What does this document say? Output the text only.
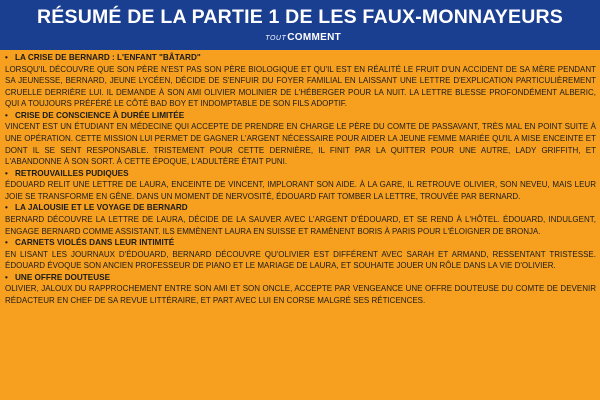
RÉSUMÉ DE LA PARTIE 1 DE LES FAUX-MONNAYEURS
TOUTCOMMENT
• LA CRISE DE BERNARD : L'ENFANT "BÂTARD"

LORSQU'IL DÉCOUVRE QUE SON PÈRE N'EST PAS SON PÈRE BIOLOGIQUE ET QU'IL EST EN RÉALITÉ LE FRUIT D'UN ACCIDENT DE SA MÈRE PENDANT SA JEUNESSE, BERNARD, JEUNE LYCÉEN, DÉCIDE DE S'ENFUIR DU FOYER FAMILIAL EN LAISSANT UNE LETTRE D'EXPLICATION PARTICULIÈREMENT CRUELLE DERRIÈRE LUI. IL DEMANDE À SON AMI OLIVIER MOLINIER DE L'HÉBERGER POUR LA NUIT. LA LETTRE BLESSE PROFONDÉMENT ALBERIC, QUI A TOUJOURS PRÉFÉRÉ LE CÔTÉ BAD BOY ET INDOMPTABLE DE SON FILS ADOPTIF.

• CRISE DE CONSCIENCE À DURÉE LIMITÉE

VINCENT EST UN ÉTUDIANT EN MÉDECINE QUI ACCEPTE DE PRENDRE EN CHARGE LE PÈRE DU COMTE DE PASSAVANT, TRÈS MAL EN POINT SUITE À UNE OPÉRATION. CETTE MISSION LUI PERMET DE GAGNER L'ARGENT NÉCESSAIRE POUR AIDER LA JEUNE FEMME MARIÉE QU'IL A MISE ENCEINTE ET DONT IL SE SENT RESPONSABLE. TRISTEMENT POUR CETTE DERNIÈRE, IL FINIT PAR LA QUITTER POUR UNE AUTRE, LADY GRIFFITH, ET L'ABANDONNE À SON SORT. À CETTE ÉPOQUE, L'ADULTÈRE ÉTAIT PUNI.

• RETROUVAILLES PUDIQUES

ÉDOUARD RELIT UNE LETTRE DE LAURA, ENCEINTE DE VINCENT, IMPLORANT SON AIDE. À LA GARE, IL RETROUVE OLIVIER, SON NEVEU, MAIS LEUR JOIE SE TRANSFORME EN GÊNE. DANS UN MOMENT DE NERVOSITÉ, ÉDOUARD FAIT TOMBER LA LETTRE, TROUVÉE PAR BERNARD.

• LA JALOUSIE ET LE VOYAGE DE BERNARD

BERNARD DÉCOUVRE LA LETTRE DE LAURA, DÉCIDE DE LA SAUVER AVEC L'ARGENT D'ÉDOUARD, ET SE REND À L'HÔTEL. ÉDOUARD, INDULGENT, ENGAGE BERNARD COMME ASSISTANT. ILS EMMÈNENT LAURA EN SUISSE ET RAMÈNENT BORIS À PARIS POUR L'ÉLOIGNER DE BRONJA.

• CARNETS VIOLÉS DANS LEUR INTIMITÉ

EN LISANT LES JOURNAUX D'ÉDOUARD, BERNARD DÉCOUVRE QU'OLIVIER EST DIFFÉRENT AVEC SARAH ET ARMAND, RESSENTANT TRISTESSE. ÉDOUARD ÉVOQUE SON ANCIEN PROFESSEUR DE PIANO ET LE MARIAGE DE LAURA, ET SOUHAITE JOUER UN RÔLE DANS LA VIE D'OLIVIER.

• UNE OFFRE DOUTEUSE

OLIVIER, JALOUX DU RAPPROCHEMENT ENTRE SON AMI ET SON ONCLE, ACCEPTE PAR VENGEANCE UNE OFFRE DOUTEUSE DU COMTE DE DEVENIR RÉDACTEUR EN CHEF DE SA REVUE LITTÉRAIRE, ET PART AVEC LUI EN CORSE MALGRÉ SES RÉTICENCES.
